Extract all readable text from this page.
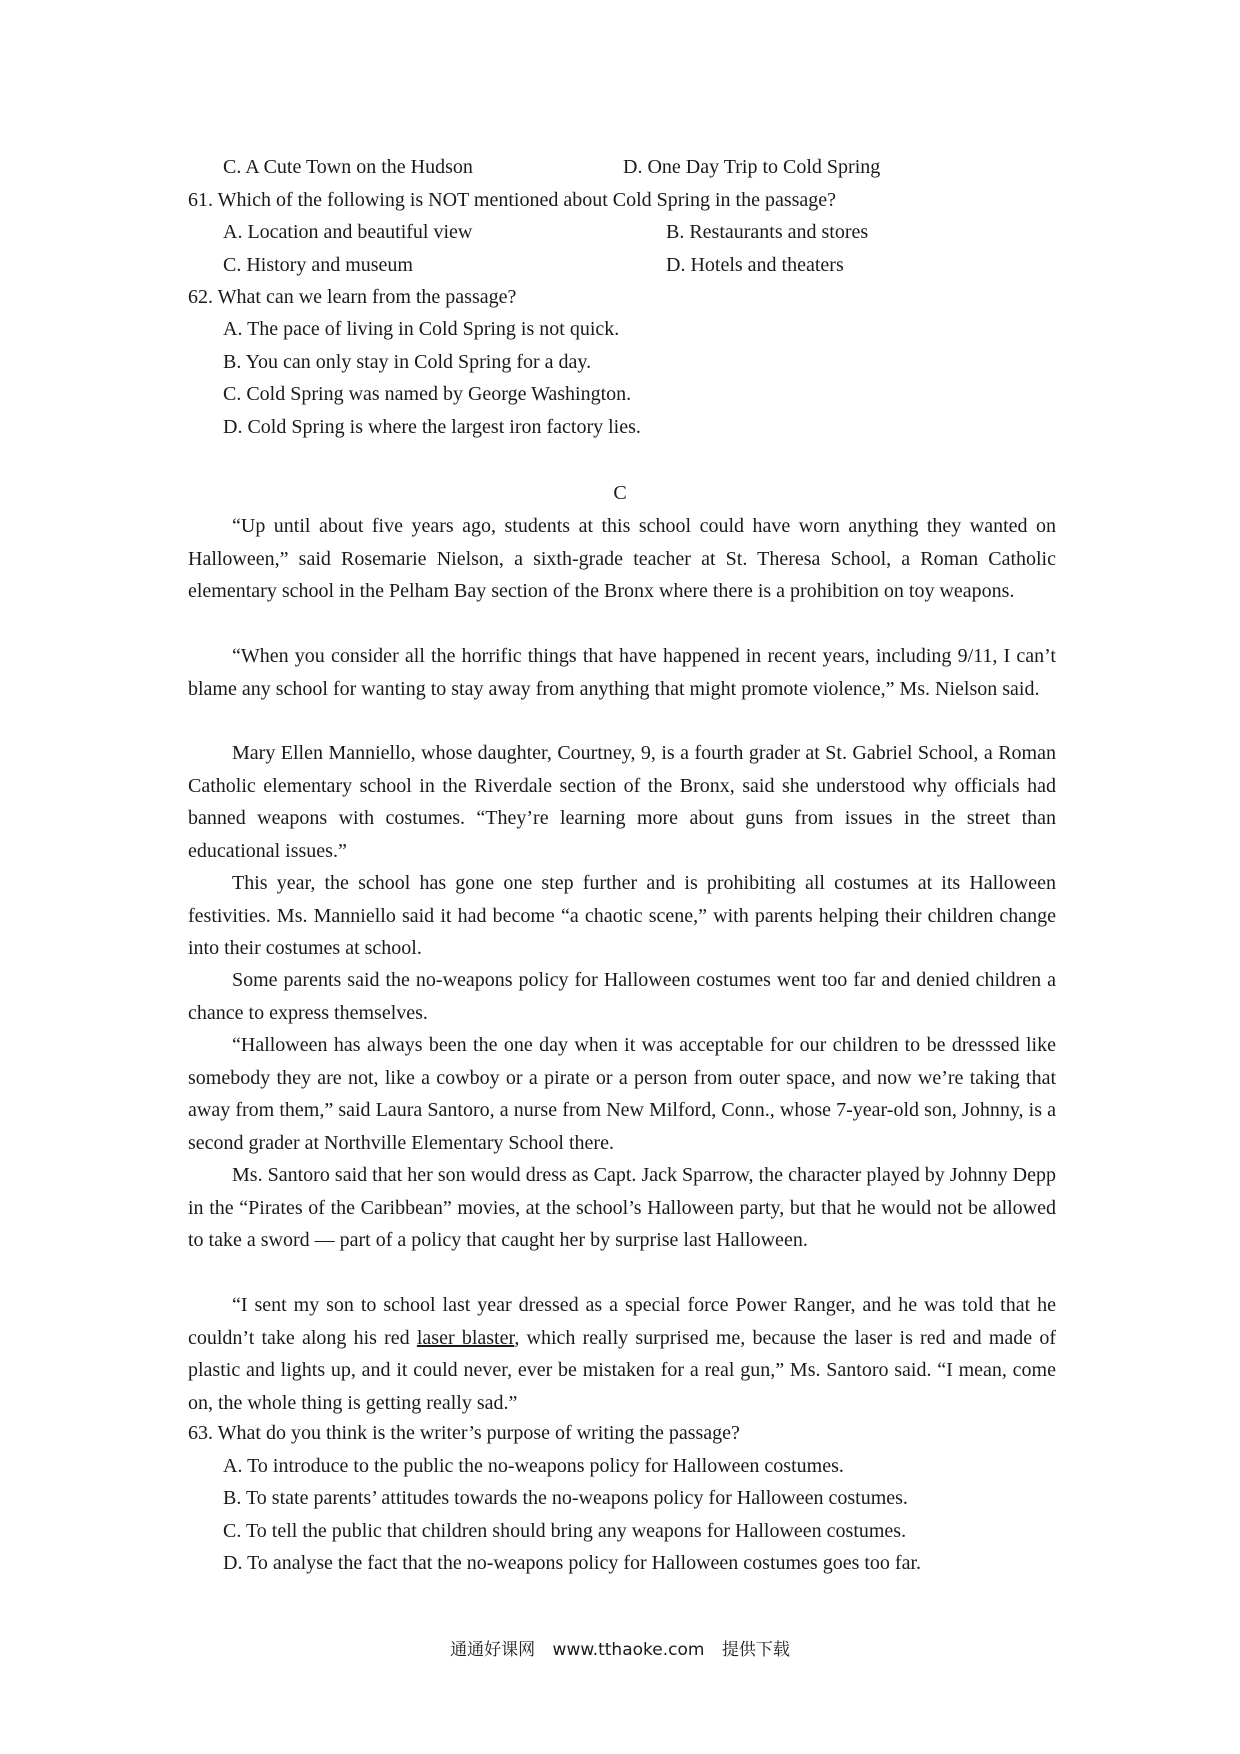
C. A Cute Town on the Hudson	D. One Day Trip to Cold Spring
61. Which of the following is NOT mentioned about Cold Spring in the passage?
A. Location and beautiful view	B. Restaurants and stores
C. History and museum	D. Hotels and theaters
62. What can we learn from the passage?
A. The pace of living in Cold Spring is not quick.
B. You can only stay in Cold Spring for a day.
C. Cold Spring was named by George Washington.
D. Cold Spring is where the largest iron factory lies.
C

“Up until about five years ago, students at this school could have worn anything they wanted on Halloween,” said Rosemarie Nielson, a sixth-grade teacher at St. Theresa School, a Roman Catholic elementary school in the Pelham Bay section of the Bronx where there is a prohibition on toy weapons.

“When you consider all the horrific things that have happened in recent years, including 9/11, I can’t blame any school for wanting to stay away from anything that might promote violence,” Ms. Nielson said.

Mary Ellen Manniello, whose daughter, Courtney, 9, is a fourth grader at St. Gabriel School, a Roman Catholic elementary school in the Riverdale section of the Bronx, said she understood why officials had banned weapons with costumes. “They’re learning more about guns from issues in the street than educational issues.”

This year, the school has gone one step further and is prohibiting all costumes at its Halloween festivities. Ms. Manniello said it had become “a chaotic scene,” with parents helping their children change into their costumes at school.

Some parents said the no-weapons policy for Halloween costumes went too far and denied children a chance to express themselves.

“Halloween has always been the one day when it was acceptable for our children to be dresssed like somebody they are not, like a cowboy or a pirate or a person from outer space, and now we’re taking that away from them,” said Laura Santoro, a nurse from New Milford, Conn., whose 7-year-old son, Johnny, is a second grader at Northville Elementary School there.

Ms. Santoro said that her son would dress as Capt. Jack Sparrow, the character played by Johnny Depp in the “Pirates of the Caribbean” movies, at the school’s Halloween party, but that he would not be allowed to take a sword — part of a policy that caught her by surprise last Halloween.

“I sent my son to school last year dressed as a special force Power Ranger, and he was told that he couldn’t take along his red laser blaster, which really surprised me, because the laser is red and made of plastic and lights up, and it could never, ever be mistaken for a real gun,” Ms. Santoro said. “I mean, come on, the whole thing is getting really sad.”

63. What do you think is the writer’s purpose of writing the passage?
A. To introduce to the public the no-weapons policy for Halloween costumes.
B. To state parents’ attitudes towards the no-weapons policy for Halloween costumes.
C. To tell the public that children should bring any weapons for Halloween costumes.
D. To analyse the fact that the no-weapons policy for Halloween costumes goes too far.
通通好课网 www.tthaoke.com 提供下载
